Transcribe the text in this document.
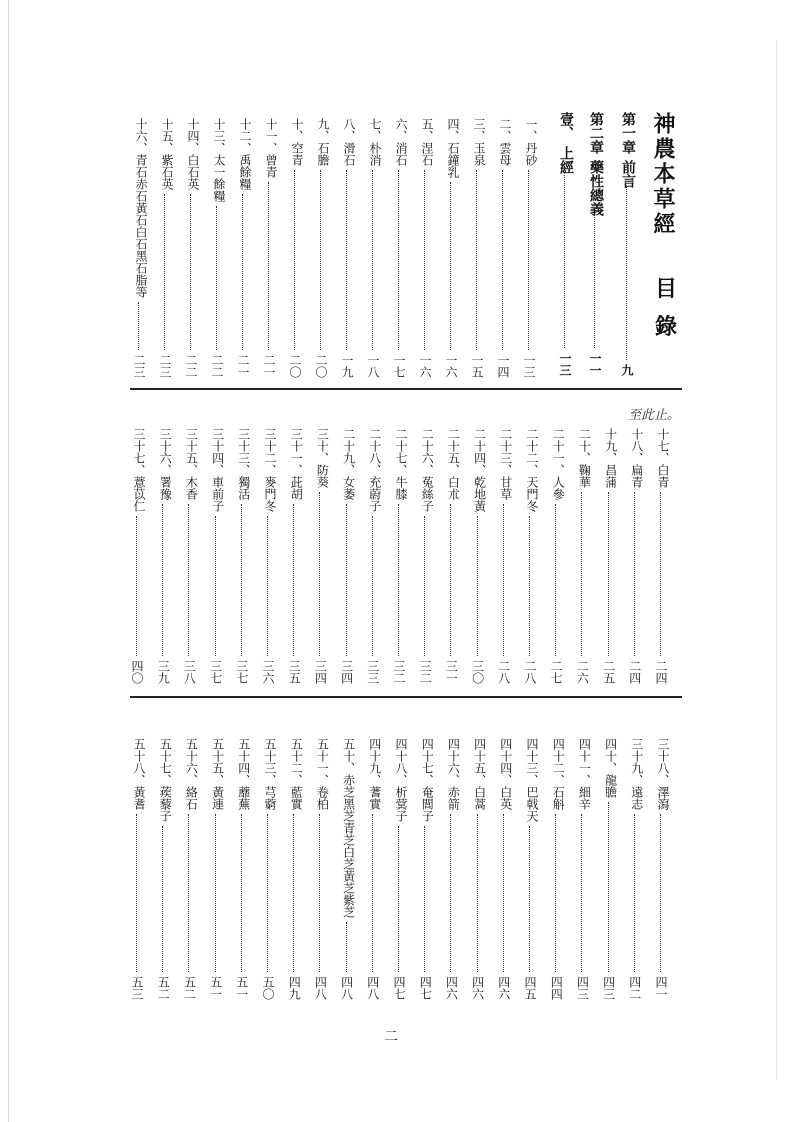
神農本草經
目
錄
第一章前言
九
第二章藥性總義
一一
壹、上經
一三
至此止。
一、丹砂
一三
二、雲母
一四
三、玉泉
一五
四、石鐘乳
一六
五、涅石
一六
六、消石
一七
七、朴消
一八
八、滑石
一九
九、石膽
二〇
十、空青
二〇
十一、曾青
二一
十二、禹餘糧
二一
十三、太一餘糧
二二
十四、白石英
二二
十五、紫石英
二三
十六、青石赤石黃石白石黑石脂等
二三
十七、白青
二四
十八、扁青
二四
十九、昌蒲
二五
二十、鞠華
二六
二十一、人參
二七
二十二、天門冬
二八
二十三、甘草
二八
二十四、乾地黃
三〇
二十五、白朮
三一
二十六、菟絲子
三二
二十七、牛膝
三二
二十八、充蔚子
三三
二十九、女萎
三四
三十、防葵
三四
三十一、茈胡
三五
三十二、麥門冬
三六
三十三、獨活
三七
三十四、車前子
三七
三十五、木香
三八
三十六、署豫
三九
三十七、薏苡仁
四〇
三十八、澤瀉
四一
三十九、遠志
四二
四十、龍膽
四三
四十一、細辛
四三
四十二、石斛
四四
四十三、巴戟天
四五
四十四、白英
四六
四十五、白蒿
四六
四十六、赤箭
四六
四十七、奄閭子
四七
四十八、析蓂子
四七
四十九、蓍實
四八
五十、赤芝黑芝青芝白芝黃芝紫芝
四八
五十一、卷柏
四八
五十二、藍實
四九
五十三、芎藭
五〇
五十四、蘼蕪
五一
五十五、黃連
五一
五十六、絡石
五二
五十七、蒺藜子
五二
五十八、黃耆
五三
二
